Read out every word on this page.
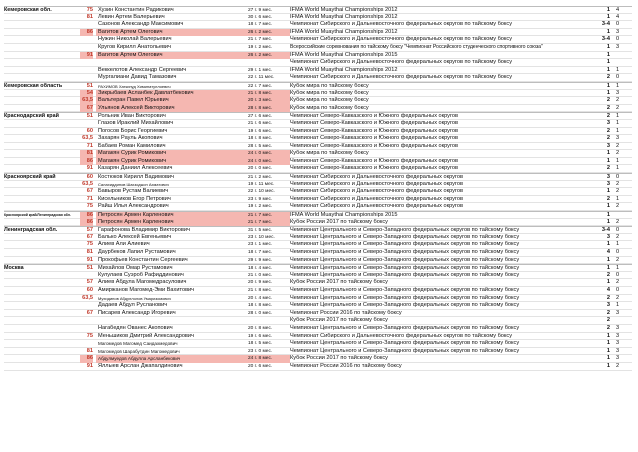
Кемеровская обл.	75 Хузин Константин Радикович	27 г. 9 мес.	IFMA World Muaythai Championships 2012	1 4
81 Левин Артем Валерьевич	30 г. 6 мес.	IFMA World Muaythai Championships 2012	1 4
Сазонов Александр Максимович	18 г. 7 мес.	Чемпионат Сибирского и Дальневосточного федеральных округов по тайскому боксу	3-4 0
86 Вагитов Артем Олегович	26 г. 2 мес.	IFMA World Muaythai Championships 2012	1 3
Нужин Николай Валерьевич	21 г. 7 мес.	Чемпионат Сибирского и Дальневосточного федеральных округов по тайскому боксу	3-4 0
Кругов Кирилл Анатольевич	19 г. 2 мес.	Всероссийские соревнования по тайскому боксу "Чемпионат Российского студенческого спортивного союза"	1 3
91 Вагитов Артем Олегович	26 г. 2 мес.	IFMA World Muaythai Championships 2015	1
Чемпионат Сибирского и Дальневосточного федеральных округов по тайскому боксу	1
Веккелотов Александр Сергеевич	29 г. 1 мес.	IFMA World Muaythai Championships 2012	1 1
Мургалиани Давид Тамазович	22 г. 11 мес.	Чемпионат Сибирского и Дальневосточного федеральных округов по тайскому боксу	2 0
Кемеровская область	51	РАХИМОВ Хаткинуд Химинатуллоевич	22 г. 7 мес.	Кубок мира по тайскому боксу	1 1
54 Зикрыбаев Асланбек Давлатбекович	21 г. 8 мес.	Кубок мира по тайскому боксу	1 3
63,5 Вальтеран Павел Юрьевич	20 г. 3 мес.	Кубок мира по тайскому боксу	2 2
67 Ульянов Алексей Викторович	28 г. 8 мес.	Кубок мира по тайскому боксу	2 2
Краснодарский край	51 Рольник Иван Викторович	27 г. 6 мес.	Чемпионат Северо-Кавказского и Южного федеральных округов	2 1
Глазов Ираклий Михайлович	21 г. 6 мес.	Чемпионат Северо-Кавказского и Южного федеральных округов	3 1
60 Погосов Борис Георгиевич	19 г. 6 мес.	Чемпионат Северо-Кавказского и Южного федеральных округов	2 1
63,5 Захарян Рауль Акопович	18 г. 8 мес.	Чемпионат Северо-Кавказского и Южного федеральных округов	2 3
71 Бабаев Роман Камилович	28 г. 5 мес.	Чемпионат Северо-Кавказского и Южного федеральных округов	3 2
81 Магакян Сурик Ромикович	24 г. 0 мес.	Кубок мира по тайскому боксу	1 2
86 Магакян Сурик Ромикович	24 г. 0 мес.	Чемпионат Северо-Кавказского и Южного федеральных округов	1 1
91 Казарян Даниил Алексеевич	20 г. 0 мес.	Чемпионат Северо-Кавказского и Южного федеральных округов	2 1
Красноярский край	60 Костюков Кирилл Вадимович	21 г. 2 мес.	Чемпионат Сибирского и Дальневосточного федеральных округов	3 0
63,5	Салахиддинов Шахзоджон Ахматович	19 г. 11 мес.	Чемпионат Сибирского и Дальневосточного федеральных округов	3 2
67 Бавыров Рустам Валиевич	22 г. 10 мес.	Чемпионат Сибирского и Дальневосточного федеральных округов	1 2
71 Кисельников Егор Петрович	23 г. 9 мес.	Чемпионат Сибирского и Дальневосточного федеральных округов	2 1
75 Райш Илья Александрович	19 г. 2 мес.	Чемпионат Сибирского и Дальневосточного федеральных округов	1 2
Красноярский край/Ленинградская обл.	86 Петросян Армен Карленович	21 г. 7 мес.	IFMA World Muaythai Championships 2015	1
86 Петросян Армен Карленович	21 г. 7 мес.	Кубок России 2017 по тайскому боксу	1 2
Ленинградская обл.	57 Гарафонова Владимир Викторович	31 г. 5 мес.	Чемпионат Центрального и Северо-Западного федеральных округов по тайскому боксу	3-4 0
67 Балько Алексей Евгеньевич	23 г. 10 мес.	Чемпионат Центрального и Северо-Западного федеральных округов по тайскому боксу	3 2
75 Алиев Али Алиевич	23 г. 1 мес.	Чемпионат Центрального и Северо-Западного федеральных округов по тайскому боксу	1 1
81 Даурбеков Лапил Рустамович	18 г. 7 мес.	Чемпионат Центрального и Северо-Западного федеральных округов по тайскому боксу	4 0
91 Прокофьев Константин Сергеевич	29 г. 9 мес.	Чемпионат Центрального и Северо-Западного федеральных округов по тайскому боксу	1 2
Москва	51 Михайлов Омар Рустамович	18 г. 4 мес.	Чемпионат Центрального и Северо-Западного федеральных округов по тайскому боксу	1 1
Кулулаев Суэроб Рафиддинович	21 г. 0 мес.	Чемпионат Центрального и Северо-Западного федеральных округов по тайскому боксу	2 0
57 Алиев Абдула Магомедрасулович	20 г. 9 мес.	Кубок России 2017 по тайскому боксу	1 2
60 Амиржанов Магомед-Эми Вахитович	21 г. 8 мес.	Чемпионат Центрального и Северо-Западного федеральных округов по тайскому боксу	4 0
63,5	Мухидинов Абдуллолов Умаризомович	20 г. 4 мес.	Чемпионат Центрального и Северо-Западного федеральных округов по тайскому боксу	2 2
Дадаев Абдул Русланович	18 г. 8 мес.	Чемпионат Центрального и Северо-Западного федеральных округов по тайскому боксу	3 1
67 Писарев Александр Игоревич	28 г. 0 мес.	Чемпионат России 2016 по тайскому боксу	2 3
Кубок России 2017 по тайскому боксу	2
Нагабедян Ованес Акопович	20 г. 8 мес.	Чемпионат Центрального и Северо-Западного федеральных округов по тайскому боксу	2 3
75 Меньшиков Дмитрий Александрович	19 г. 6 мес.	Чемпионат Сибирского и Дальневосточного федеральных округов по тайскому боксу	1 3
Магомедов Магомед Саидахмедович	18 г. 5 мес.	Чемпионат Центрального и Северо-Западного федеральных округов по тайскому боксу	1 3
81	Магомедов Шарабутдин Магомедович	23 г. 0 мес.	Чемпионат Центрального и Северо-Западного федеральных округов по тайскому боксу	1 3
86	Абдулмуедов Абдулла Арсланбекович	24 г. 8 мес.	Кубок России 2017 по тайскому боксу	1 3
91 Яллыев Арслан Джапалдинович	20 г. 6 мес.	Чемпионат России 2016 по тайскому боксу	1 2
